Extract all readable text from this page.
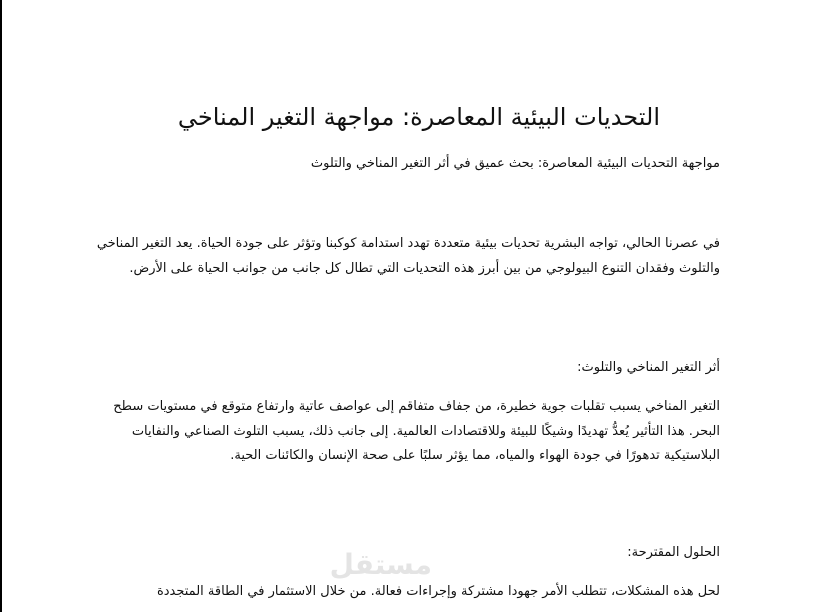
التحديات البيئية المعاصرة: مواجهة التغير المناخي
مواجهة التحديات البيئية المعاصرة: بحث عميق في أثر التغير المناخي والتلوث
في عصرنا الحالي، تواجه البشرية تحديات بيئية متعددة تهدد استدامة كوكبنا وتؤثر على جودة الحياة. يعد التغير المناخي والتلوث وفقدان التنوع البيولوجي من بين أبرز هذه التحديات التي تطال كل جانب من جوانب الحياة على الأرض.
أثر التغير المناخي والتلوث:
التغير المناخي يسبب تقلبات جوية خطيرة، من جفاف متفاقم إلى عواصف عاتية وارتفاع متوقع في مستويات سطح البحر. هذا التأثير يُعدُّ تهديدًا وشيكًا للبيئة وللاقتصادات العالمية. إلى جانب ذلك، يسبب التلوث الصناعي والنفايات البلاستيكية تدهورًا في جودة الهواء والمياه، مما يؤثر سلبًا على صحة الإنسان والكائنات الحية.
مستقل	الحلول المقترحة:
لحل هذه المشكلات، تتطلب الأمر جهودا مشتركة وإجراءات فعالة. من خلال الاستثمار في الطاقة المتجددة
